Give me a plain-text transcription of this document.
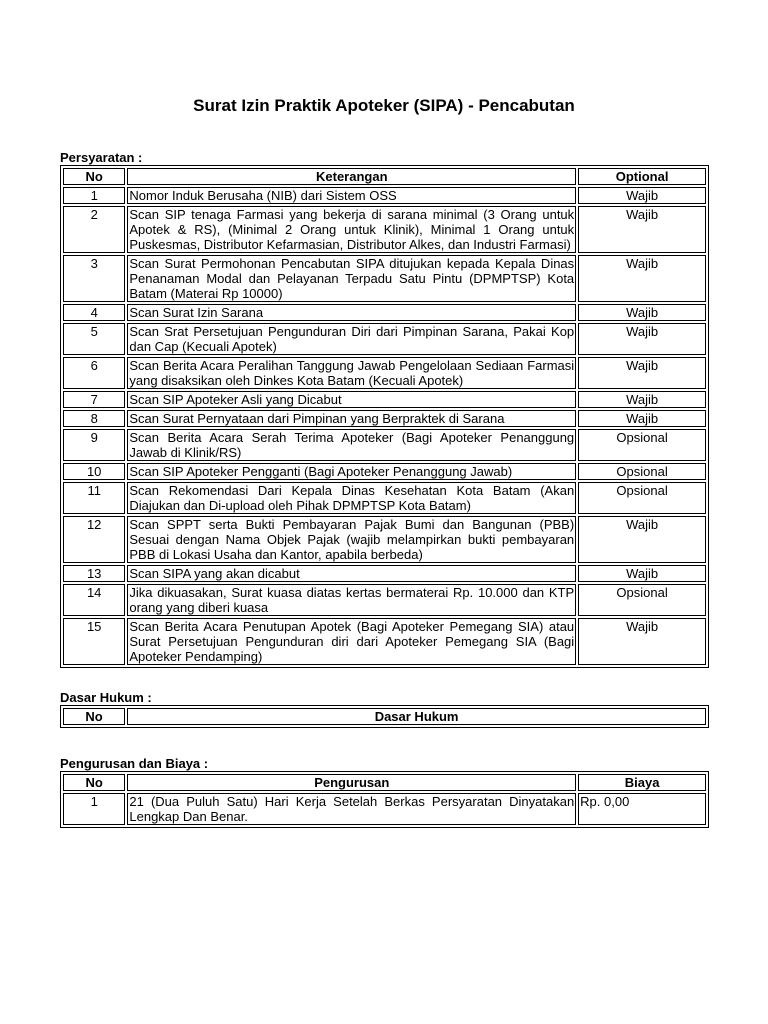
Surat Izin Praktik Apoteker (SIPA) - Pencabutan
Persyaratan :
No	Keterangan	Optional
1	Nomor Induk Berusaha (NIB) dari Sistem OSS	Wajib
2	Scan SIP tenaga Farmasi yang bekerja di sarana minimal (3 Orang untuk Apotek & RS), (Minimal 2 Orang untuk Klinik), Minimal 1 Orang untuk Puskesmas, Distributor Kefarmasian, Distributor Alkes, dan Industri Farmasi)	Wajib
3	Scan Surat Permohonan Pencabutan SIPA ditujukan kepada Kepala Dinas Penanaman Modal dan Pelayanan Terpadu Satu Pintu (DPMPTSP) Kota Batam (Materai Rp 10000)	Wajib
4	Scan Surat Izin Sarana	Wajib
5	Scan Srat Persetujuan Pengunduran Diri dari Pimpinan Sarana, Pakai Kop dan Cap (Kecuali Apotek)	Wajib
6	Scan Berita Acara Peralihan Tanggung Jawab Pengelolaan Sediaan Farmasi yang disaksikan oleh Dinkes Kota Batam (Kecuali Apotek)	Wajib
7	Scan SIP Apoteker Asli yang Dicabut	Wajib
8	Scan Surat Pernyataan dari Pimpinan yang Berpraktek di Sarana	Wajib
9	Scan Berita Acara Serah Terima Apoteker (Bagi Apoteker Penanggung Jawab di Klinik/RS)	Opsional
10	Scan SIP Apoteker Pengganti (Bagi Apoteker Penanggung Jawab)	Opsional
11	Scan Rekomendasi Dari Kepala Dinas Kesehatan Kota Batam (Akan Diajukan dan Di-upload oleh Pihak DPMPTSP Kota Batam)	Opsional
12	Scan SPPT serta Bukti Pembayaran Pajak Bumi dan Bangunan (PBB) Sesuai dengan Nama Objek Pajak (wajib melampirkan bukti pembayaran PBB di Lokasi Usaha dan Kantor, apabila berbeda)	Wajib
13	Scan SIPA yang akan dicabut	Wajib
14	Jika dikuasakan, Surat kuasa diatas kertas bermaterai Rp. 10.000 dan KTP orang yang diberi kuasa	Opsional
15	Scan Berita Acara Penutupan Apotek (Bagi Apoteker Pemegang SIA) atau Surat Persetujuan Pengunduran diri dari Apoteker Pemegang SIA (Bagi Apoteker Pendamping)	Wajib
Dasar Hukum :
No	Dasar Hukum
Pengurusan dan Biaya :
No	Pengurusan	Biaya
1	21 (Dua Puluh Satu) Hari Kerja Setelah Berkas Persyaratan Dinyatakan Lengkap Dan Benar.	Rp. 0,00
